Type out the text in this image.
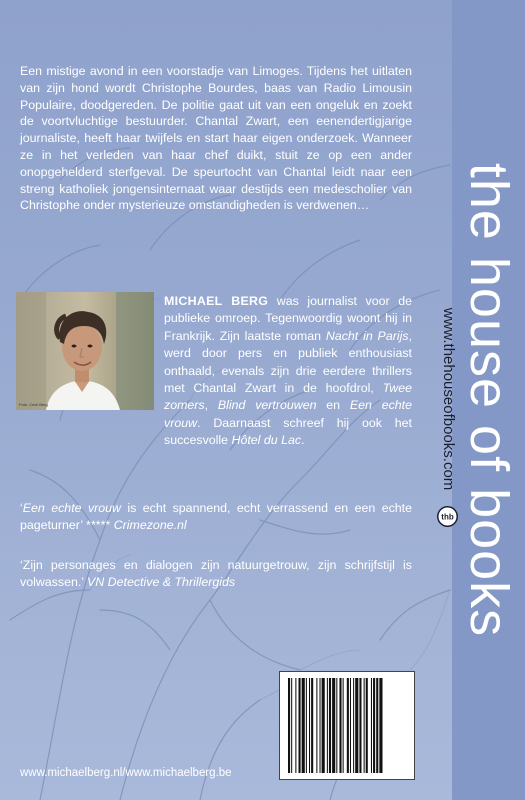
the house of books
www.thehouseofbooks.com
thb

Een mistige avond in een voorstadje van Limoges. Tijdens het uitlaten van zijn hond wordt Christophe Bourdes, baas van Radio Limousin Populaire, doodgereden. De politie gaat uit van een ongeluk en zoekt de voortvluchtige bestuurder. Chantal Zwart, een eenendertigjarige journaliste, heeft haar twijfels en start haar eigen onderzoek. Wanneer ze in het verleden van haar chef duikt, stuit ze op een ander onopgehelderd sterfgeval. De speurtocht van Chantal leidt naar een streng katholiek jongensinternaat waar destijds een medescholier van Christophe onder mysterieuze omstandigheden is verdwenen…

Foto: Cecil Berg

MICHAEL BERG was journalist voor de publieke omroep. Tegenwoordig woont hij in Frankrijk. Zijn laatste roman Nacht in Parijs, werd door pers en publiek enthousiast onthaald, evenals zijn drie eerdere thrillers met Chantal Zwart in de hoofdrol, Twee zomers, Blind vertrouwen en Een echte vrouw. Daarnaast schreef hij ook het succesvolle Hôtel du Lac.

‘Een echte vrouw is echt spannend, echt verrassend en een echte pageturner’ ***** Crimezone.nl

‘Zijn personages en dialogen zijn natuurgetrouw, zijn schrijfstijl is volwassen.’ VN Detective & Thrillergids

www.michaelberg.nl/www.michaelberg.be
